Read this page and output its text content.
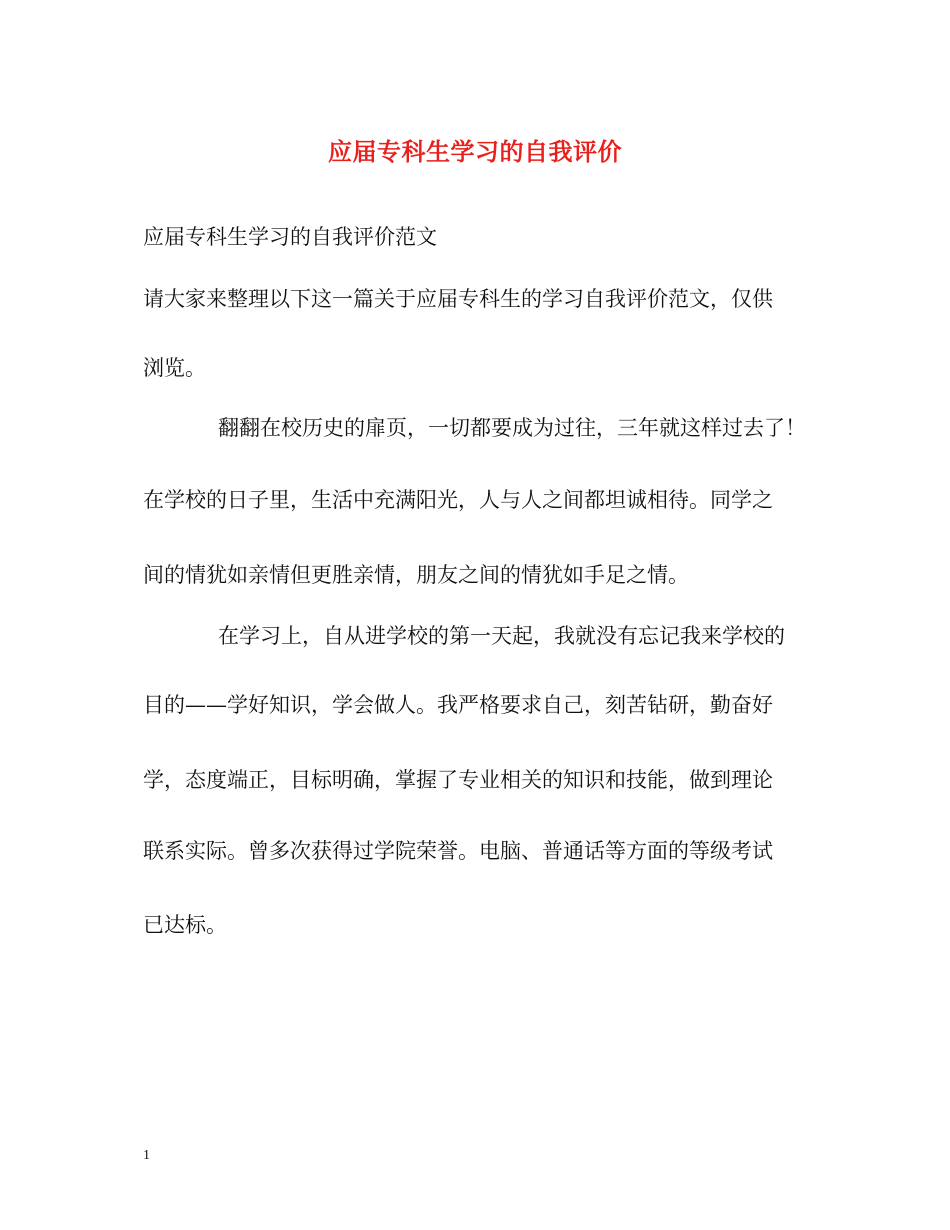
应届专科生学习的自我评价
应届专科生学习的自我评价范文
请大家来整理以下这一篇关于应届专科生的学习自我评价范文，仅供
浏览。
翻翻在校历史的扉页，一切都要成为过往，三年就这样过去了！
在学校的日子里，生活中充满阳光，人与人之间都坦诚相待。同学之
间的情犹如亲情但更胜亲情，朋友之间的情犹如手足之情。
在学习上，自从进学校的第一天起，我就没有忘记我来学校的
目的——学好知识，学会做人。我严格要求自己，刻苦钻研，勤奋好
学，态度端正，目标明确，掌握了专业相关的知识和技能，做到理论
联系实际。曾多次获得过学院荣誉。电脑、普通话等方面的等级考试
已达标。
1
